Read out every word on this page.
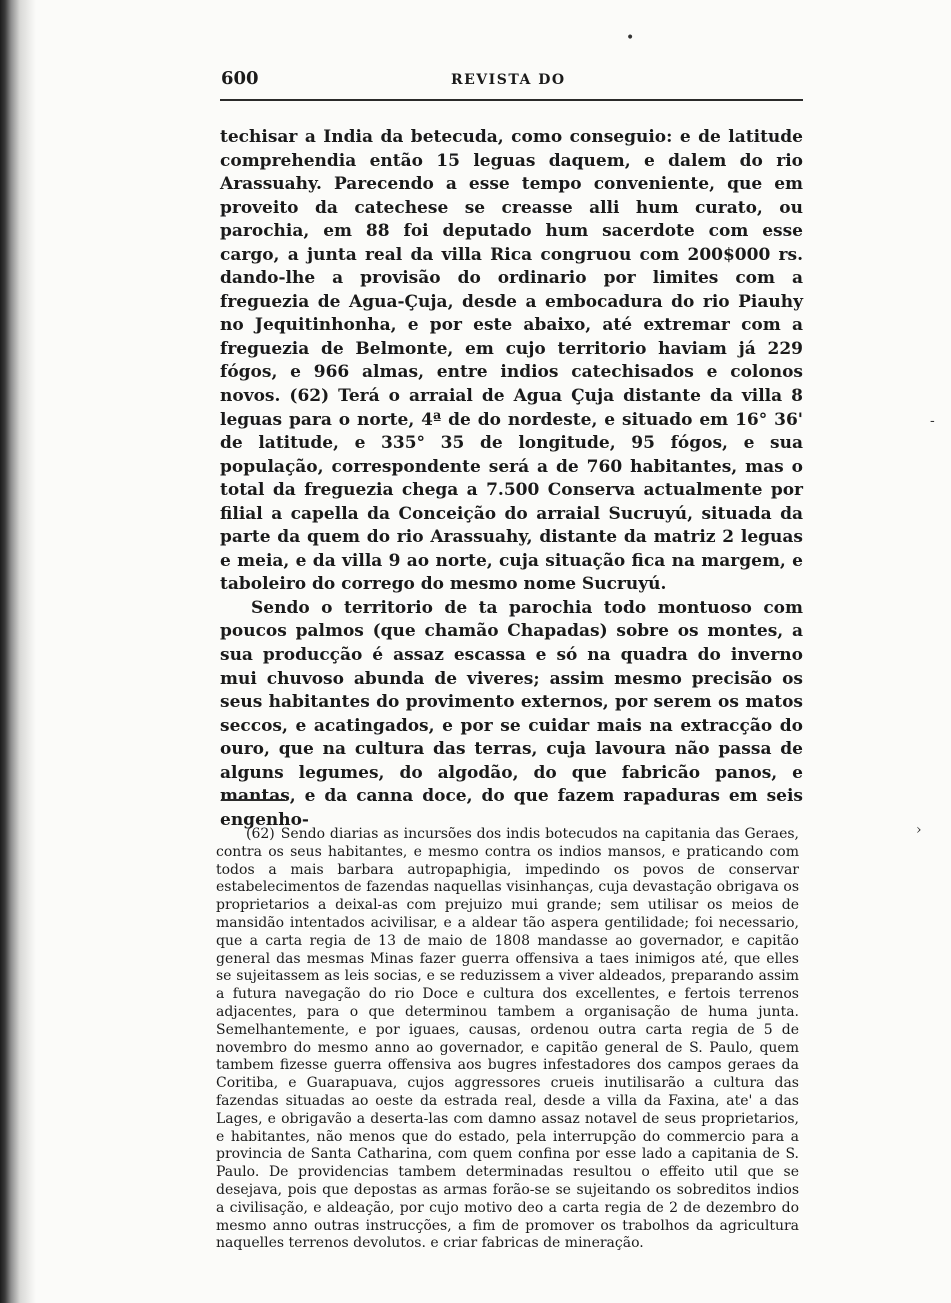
600	REVISTA DO

techisar a India da betecuda, como conseguio: e de latitude comprehendia então 15 leguas daquem, e dalem do rio Arassuahy. Parecendo a esse tempo conveniente, que em proveito da catechese se creasse alli hum curato, ou parochia, em 88 foi deputado hum sacerdote com esse cargo, a junta real da villa Rica congruou com 200$000 rs. dando-lhe a provisão do ordinario por limites com a freguezia de Agua-Çuja, desde a embocadura do rio Piauhy no Jequitinhonha, e por este abaixo, até extremar com a freguezia de Belmonte, em cujo territorio haviam já 229 fógos, e 966 almas, entre indios catechisados e colonos novos. (62) Terá o arraial de Agua Çuja distante da villa 8 leguas para o norte, 4ª de do nordeste, e situado em 16° 36' de latitude, e 335° 35 de longitude, 95 fógos, e sua população, correspondente será a de 760 habitantes, mas o total da freguezia chega a 7.500 Conserva actualmente por filial a capella da Conceição do arraial Sucruyú, situada da parte da quem do rio Arassuahy, distante da matriz 2 leguas e meia, e da villa 9 ao norte, cuja situação fica na margem, e taboleiro do corrego do mesmo nome Sucruyú.

Sendo o territorio de ta parochia todo montuoso com poucos palmos (que chamão Chapadas) sobre os montes, a sua producção é assaz escassa e só na quadra do inverno mui chuvoso abunda de viveres; assim mesmo precisão os seus habitantes do provimento externos, por serem os matos seccos, e acatingados, e por se cuidar mais na extracção do ouro, que na cultura das terras, cuja lavoura não passa de alguns legumes, do algodão, do que fabricão panos, e mantas, e da canna doce, do que fazem rapaduras em seis engenho-

(62) Sendo diarias as incursões dos indis botecudos na capitania das Geraes, contra os seus habitantes, e mesmo contra os indios mansos, e praticando com todos a mais barbara autropaphigia, impedindo os povos de conservar estabelecimentos de fazendas naquellas visinhanças, cuja devastação obrigava os proprietarios a deixal-as com prejuizo mui grande; sem utilisar os meios de mansidão intentados acivilisar, e a aldear tão aspera gentilidade; foi necessario, que a carta regia de 13 de maio de 1808 mandasse ao governador, e capitão general das mesmas Minas fazer guerra offensiva a taes inimigos até, que elles se sujeitassem as leis socias, e se reduzissem a viver aldeados, preparando assim a futura navegação do rio Doce e cultura dos excellentes, e fertois terrenos adjacentes, para o que determinou tambem a organisação de huma junta. Semelhantemente, e por iguaes, causas, ordenou outra carta regia de 5 de novembro do mesmo anno ao governador, e capitão general de S. Paulo, quem tambem fizesse guerra offensiva aos bugres infestadores dos campos geraes da Coritiba, e Guarapuava, cujos aggressores crueis inutilisarão a cultura das fazendas situadas ao oeste da estrada real, desde a villa da Faxina, ate' a das Lages, e obrigavão a deserta-las com damno assaz notavel de seus proprietarios, e habitantes, não menos que do estado, pela interrupção do commercio para a provincia de Santa Catharina, com quem confina por esse lado a capitania de S. Paulo. De providencias tambem determinadas resultou o effeito util que se desejava, pois que depostas as armas forão-se se sujeitando os sobreditos indios a civilisação, e aldeação, por cujo motivo deo a carta regia de 2 de dezembro do mesmo anno outras instrucções, a fim de promover os trabolhos da agricultura naquelles terrenos devolutos. e criar fabricas de mineração.
•
-
›
